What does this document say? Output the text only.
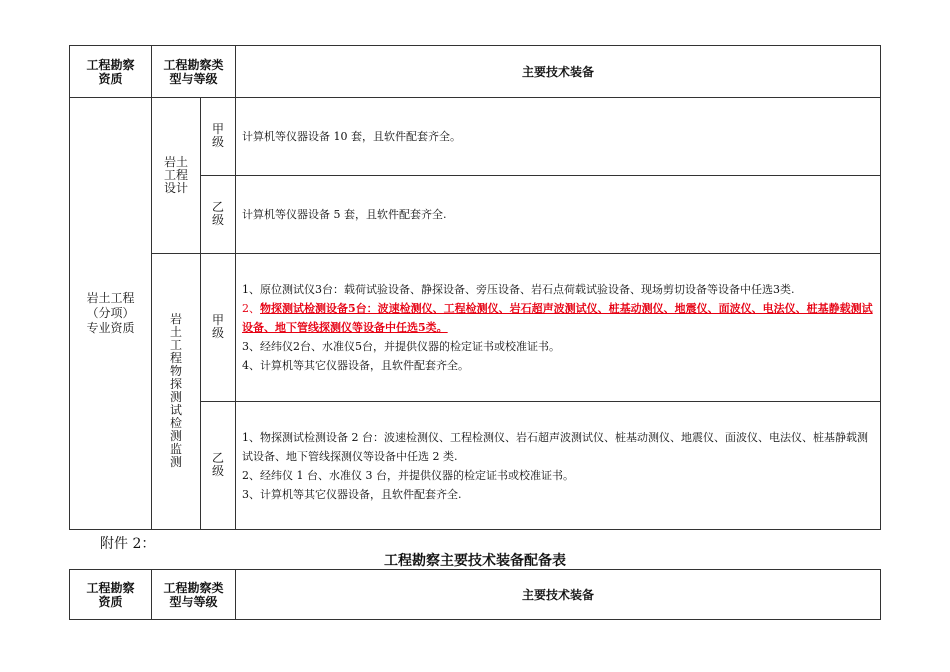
工程勘察资质	工程勘察类型与等级		主要技术装备
岩土工程（分项）专业资质	岩土工程设计	甲级	计算机等仪器设备 10 套，且软件配套齐全。

		乙级	计算机等仪器设备 5 套，且软件配套齐全.

	岩土工程物探测试检测监测	甲级	1、原位测试仪3台：载荷试验设备、静探设备、旁压设备、岩石点荷载试验设备、现场剪切设备等设备中任选3类.

2、物探测试检测设备5台：波速检测仪、工程检测仪、岩石超声波测试仪、桩基动测仪、地震仪、面波仪、电法仪、桩基静载测试设备、地下管线探测仪等设备中任选5类。

3、经纬仪2台、水准仪5台，并提供仪器的检定证书或校准证书。

4、计算机等其它仪器设备，且软件配套齐全。

		乙级	1、物探测试检测设备 2 台：波速检测仪、工程检测仪、岩石超声波测试仪、桩基动测仪、地震仪、面波仪、电法仪、桩基静载测试设备、地下管线探测仪等设备中任选 2 类.

2、经纬仪 1 台、水准仪 3 台，并提供仪器的检定证书或校准证书。

3、计算机等其它仪器设备，且软件配套齐全.

附件 2：
工程勘察主要技术装备配备表
工程勘察资质	工程勘察类型与等级	主要技术装备
